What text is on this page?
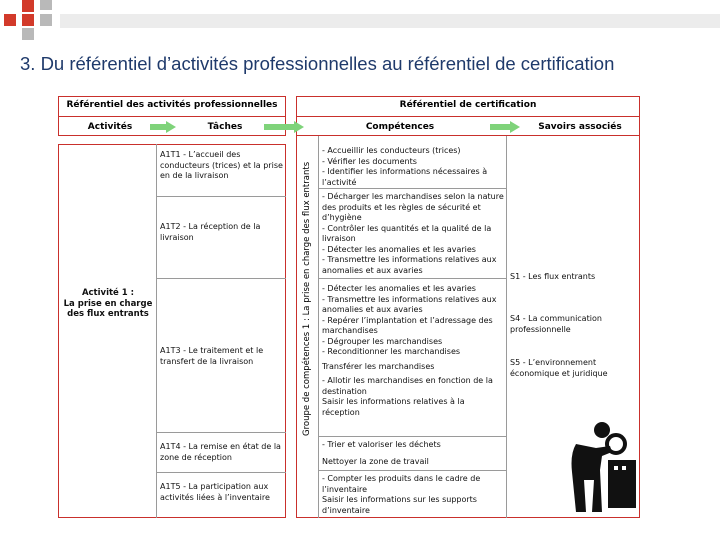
3. Du référentiel d’activités professionnelles au référentiel de certification
Référentiel des activités professionnelles
Activités	Tâches
Référentiel de certification
Compétences	Savoirs associés
Activité 1 :
La prise en charge des flux entrants
A1T1 - L’accueil des conducteurs (trices) et la prise en de la livraison
A1T2 - La réception de la livraison
A1T3 - Le traitement et le transfert de la livraison
A1T4 - La remise en état de la zone de réception
A1T5 - La participation aux activités liées à l’inventaire
Groupe de compétences 1 : La prise en charge des flux entrants
- Accueillir les conducteurs (trices)
- Vérifier les documents
- Identifier les informations nécessaires à l’activité
- Décharger les marchandises selon la nature des produits et les règles de sécurité et d’hygiène
- Contrôler les quantités et la qualité de la livraison
- Détecter les anomalies et les avaries
- Transmettre les informations relatives aux anomalies et aux avaries
- Détecter les anomalies et les avaries
- Transmettre les informations relatives aux anomalies et aux avaries
- Repérer l’implantation et l’adressage des marchandises
- Dégrouper les marchandises
- Reconditionner les marchandises
Transférer les marchandises
- Allotir les marchandises en fonction de la destination
Saisir les informations relatives à la réception
- Trier et valoriser les déchets
Nettoyer la zone de travail
- Compter les produits dans le cadre de l’inventaire
Saisir les informations sur les supports d’inventaire
S1 - Les flux entrants
S4 - La communication professionnelle
S5 - L’environnement économique et juridique
